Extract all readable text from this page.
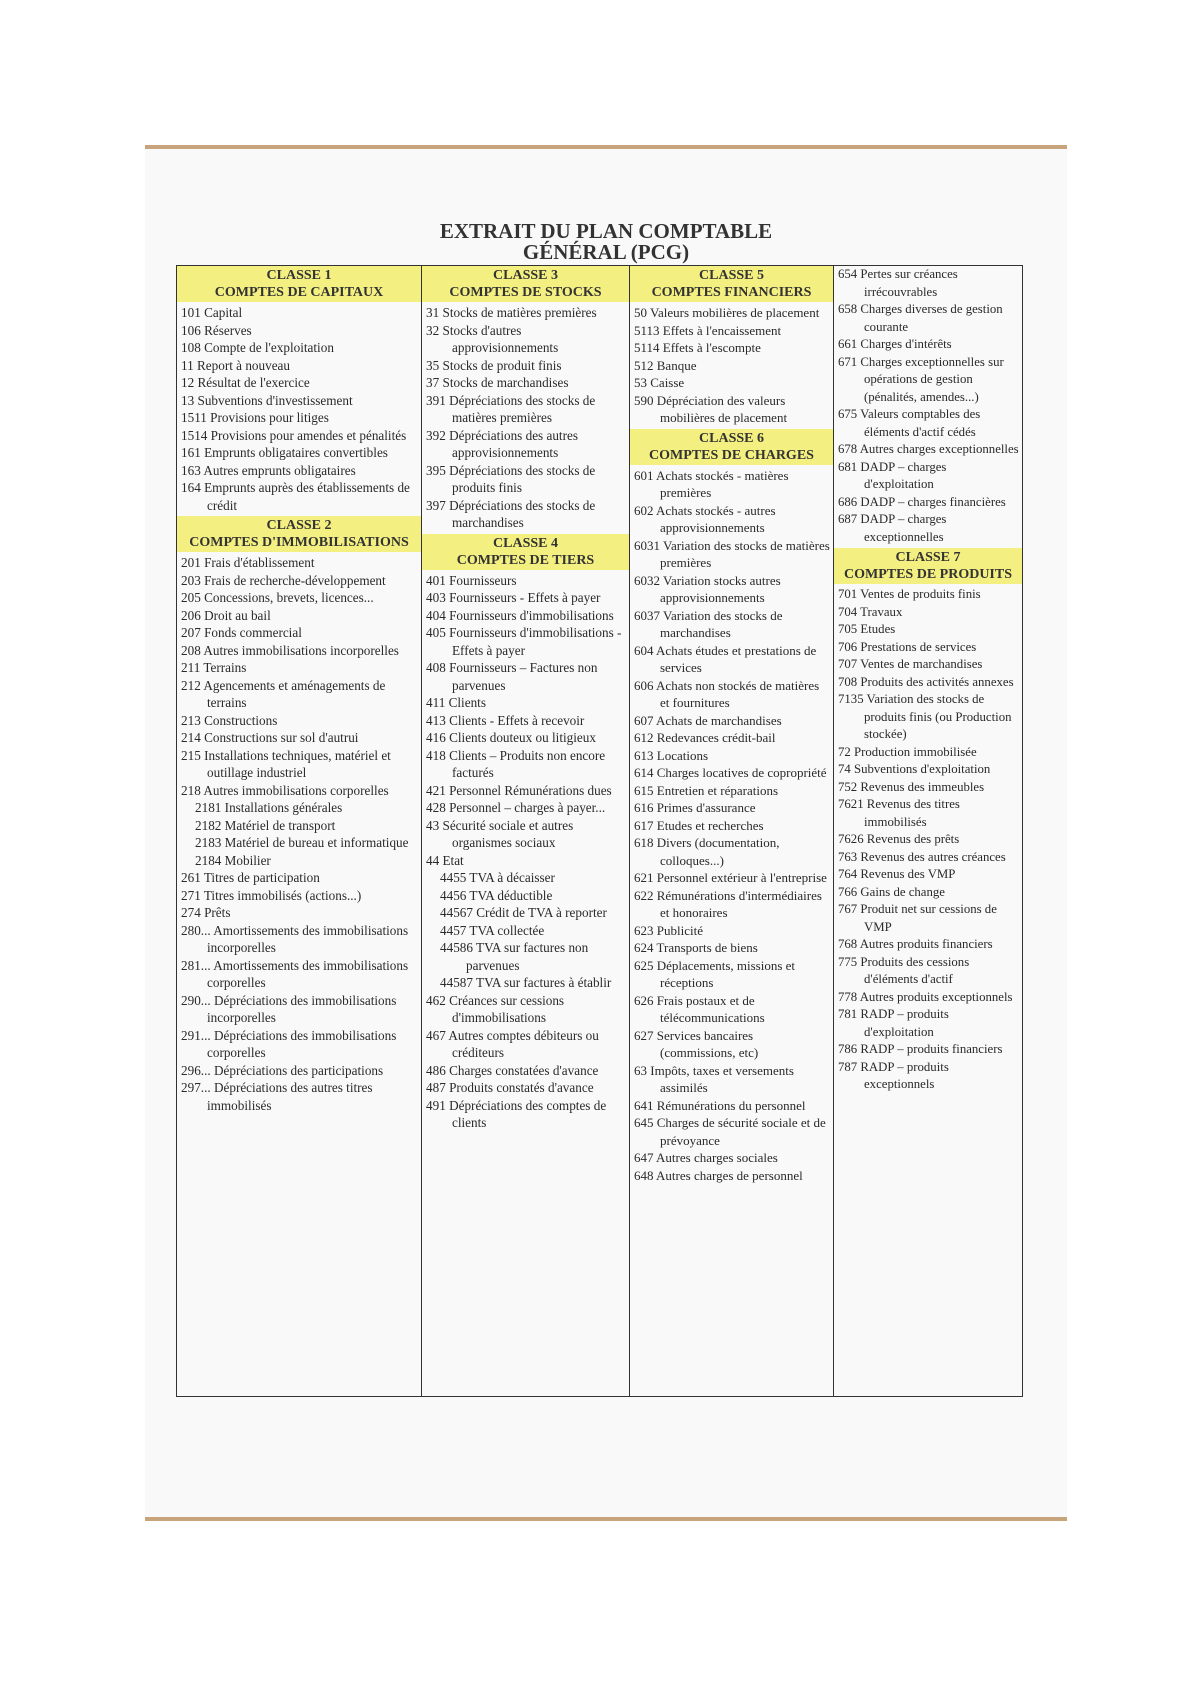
EXTRAIT DU PLAN COMPTABLE
GÉNÉRAL (PCG)
CLASSE 1
COMPTES DE CAPITAUX
101 Capital
106 Réserves
108 Compte de l'exploitation
11 Report à nouveau
12 Résultat de l'exercice
13 Subventions d'investissement
1511 Provisions pour litiges
1514 Provisions pour amendes et pénalités
161 Emprunts obligataires convertibles
163 Autres emprunts obligataires
164 Emprunts auprès des établissements de crédit
CLASSE 2
COMPTES D'IMMOBILISATIONS
201 Frais d'établissement
203 Frais de recherche-développement
205 Concessions, brevets, licences...
206 Droit au bail
207 Fonds commercial
208 Autres immobilisations incorporelles
211 Terrains
212 Agencements et aménagements de terrains
213 Constructions
214 Constructions sur sol d'autrui
215 Installations techniques, matériel et outillage industriel
218 Autres immobilisations corporelles
2181 Installations générales
2182 Matériel de transport
2183 Matériel de bureau et informatique
2184 Mobilier
261 Titres de participation
271 Titres immobilisés (actions...)
274 Prêts
280... Amortissements des immobilisations incorporelles
281... Amortissements des immobilisations corporelles
290... Dépréciations des immobilisations incorporelles
291... Dépréciations des immobilisations corporelles
296... Dépréciations des participations
297... Dépréciations des autres titres immobilisés
CLASSE 3
COMPTES DE STOCKS
31 Stocks de matières premières
32 Stocks d'autres approvisionnements
35 Stocks de produit finis
37 Stocks de marchandises
391 Dépréciations des stocks de matières premières
392 Dépréciations des autres approvisionnements
395 Dépréciations des stocks de produits finis
397 Dépréciations des stocks de marchandises
CLASSE 4
COMPTES DE TIERS
401 Fournisseurs
403 Fournisseurs - Effets à payer
404 Fournisseurs d'immobilisations
405 Fournisseurs d'immobilisations - Effets à payer
408 Fournisseurs – Factures non parvenues
411 Clients
413 Clients - Effets à recevoir
416 Clients douteux ou litigieux
418 Clients – Produits non encore facturés
421 Personnel Rémunérations dues
428 Personnel – charges à payer...
43 Sécurité sociale et autres organismes sociaux
44 Etat
4455 TVA à décaisser
4456 TVA déductible
44567 Crédit de TVA à reporter
4457 TVA collectée
44586 TVA sur factures non parvenues
44587 TVA sur factures à établir
462 Créances sur cessions d'immobilisations
467 Autres comptes débiteurs ou créditeurs
486 Charges constatées d'avance
487 Produits constatés d'avance
491 Dépréciations des comptes de clients
CLASSE 5
COMPTES FINANCIERS
50 Valeurs mobilières de placement
5113 Effets à l'encaissement
5114 Effets à l'escompte
512 Banque
53 Caisse
590 Dépréciation des valeurs mobilières de placement
CLASSE 6
COMPTES DE CHARGES
601 Achats stockés - matières premières
602 Achats stockés - autres approvisionnements
6031 Variation des stocks de matières premières
6032 Variation stocks autres approvisionnements
6037 Variation des stocks de marchandises
604 Achats études et prestations de services
606 Achats non stockés de matières et fournitures
607 Achats de marchandises
612 Redevances crédit-bail
613 Locations
614 Charges locatives de copropriété
615 Entretien et réparations
616 Primes d'assurance
617 Etudes et recherches
618 Divers (documentation, colloques...)
621 Personnel extérieur à l'entreprise
622 Rémunérations d'intermédiaires et honoraires
623 Publicité
624 Transports de biens
625 Déplacements, missions et réceptions
626 Frais postaux et de télécommunications
627 Services bancaires (commissions, etc)
63 Impôts, taxes et versements assimilés
641 Rémunérations du personnel
645 Charges de sécurité sociale et de prévoyance
647 Autres charges sociales
648 Autres charges de personnel
654 Pertes sur créances irrécouvrables
658 Charges diverses de gestion courante
661 Charges d'intérêts
671 Charges exceptionnelles sur opérations de gestion (pénalités, amendes...)
675 Valeurs comptables des éléments d'actif cédés
678 Autres charges exceptionnelles
681 DADP – charges d'exploitation
686 DADP – charges financières
687 DADP – charges exceptionnelles
CLASSE 7
COMPTES DE PRODUITS
701 Ventes de produits finis
704 Travaux
705 Etudes
706 Prestations de services
707 Ventes de marchandises
708 Produits des activités annexes
7135 Variation des stocks de produits finis (ou Production stockée)
72 Production immobilisée
74 Subventions d'exploitation
752 Revenus des immeubles
7621 Revenus des titres immobilisés
7626 Revenus des prêts
763 Revenus des autres créances
764 Revenus des VMP
766 Gains de change
767 Produit net sur cessions de VMP
768 Autres produits financiers
775 Produits des cessions d'éléments d'actif
778 Autres produits exceptionnels
781 RADP – produits d'exploitation
786 RADP – produits financiers
787 RADP – produits exceptionnels
